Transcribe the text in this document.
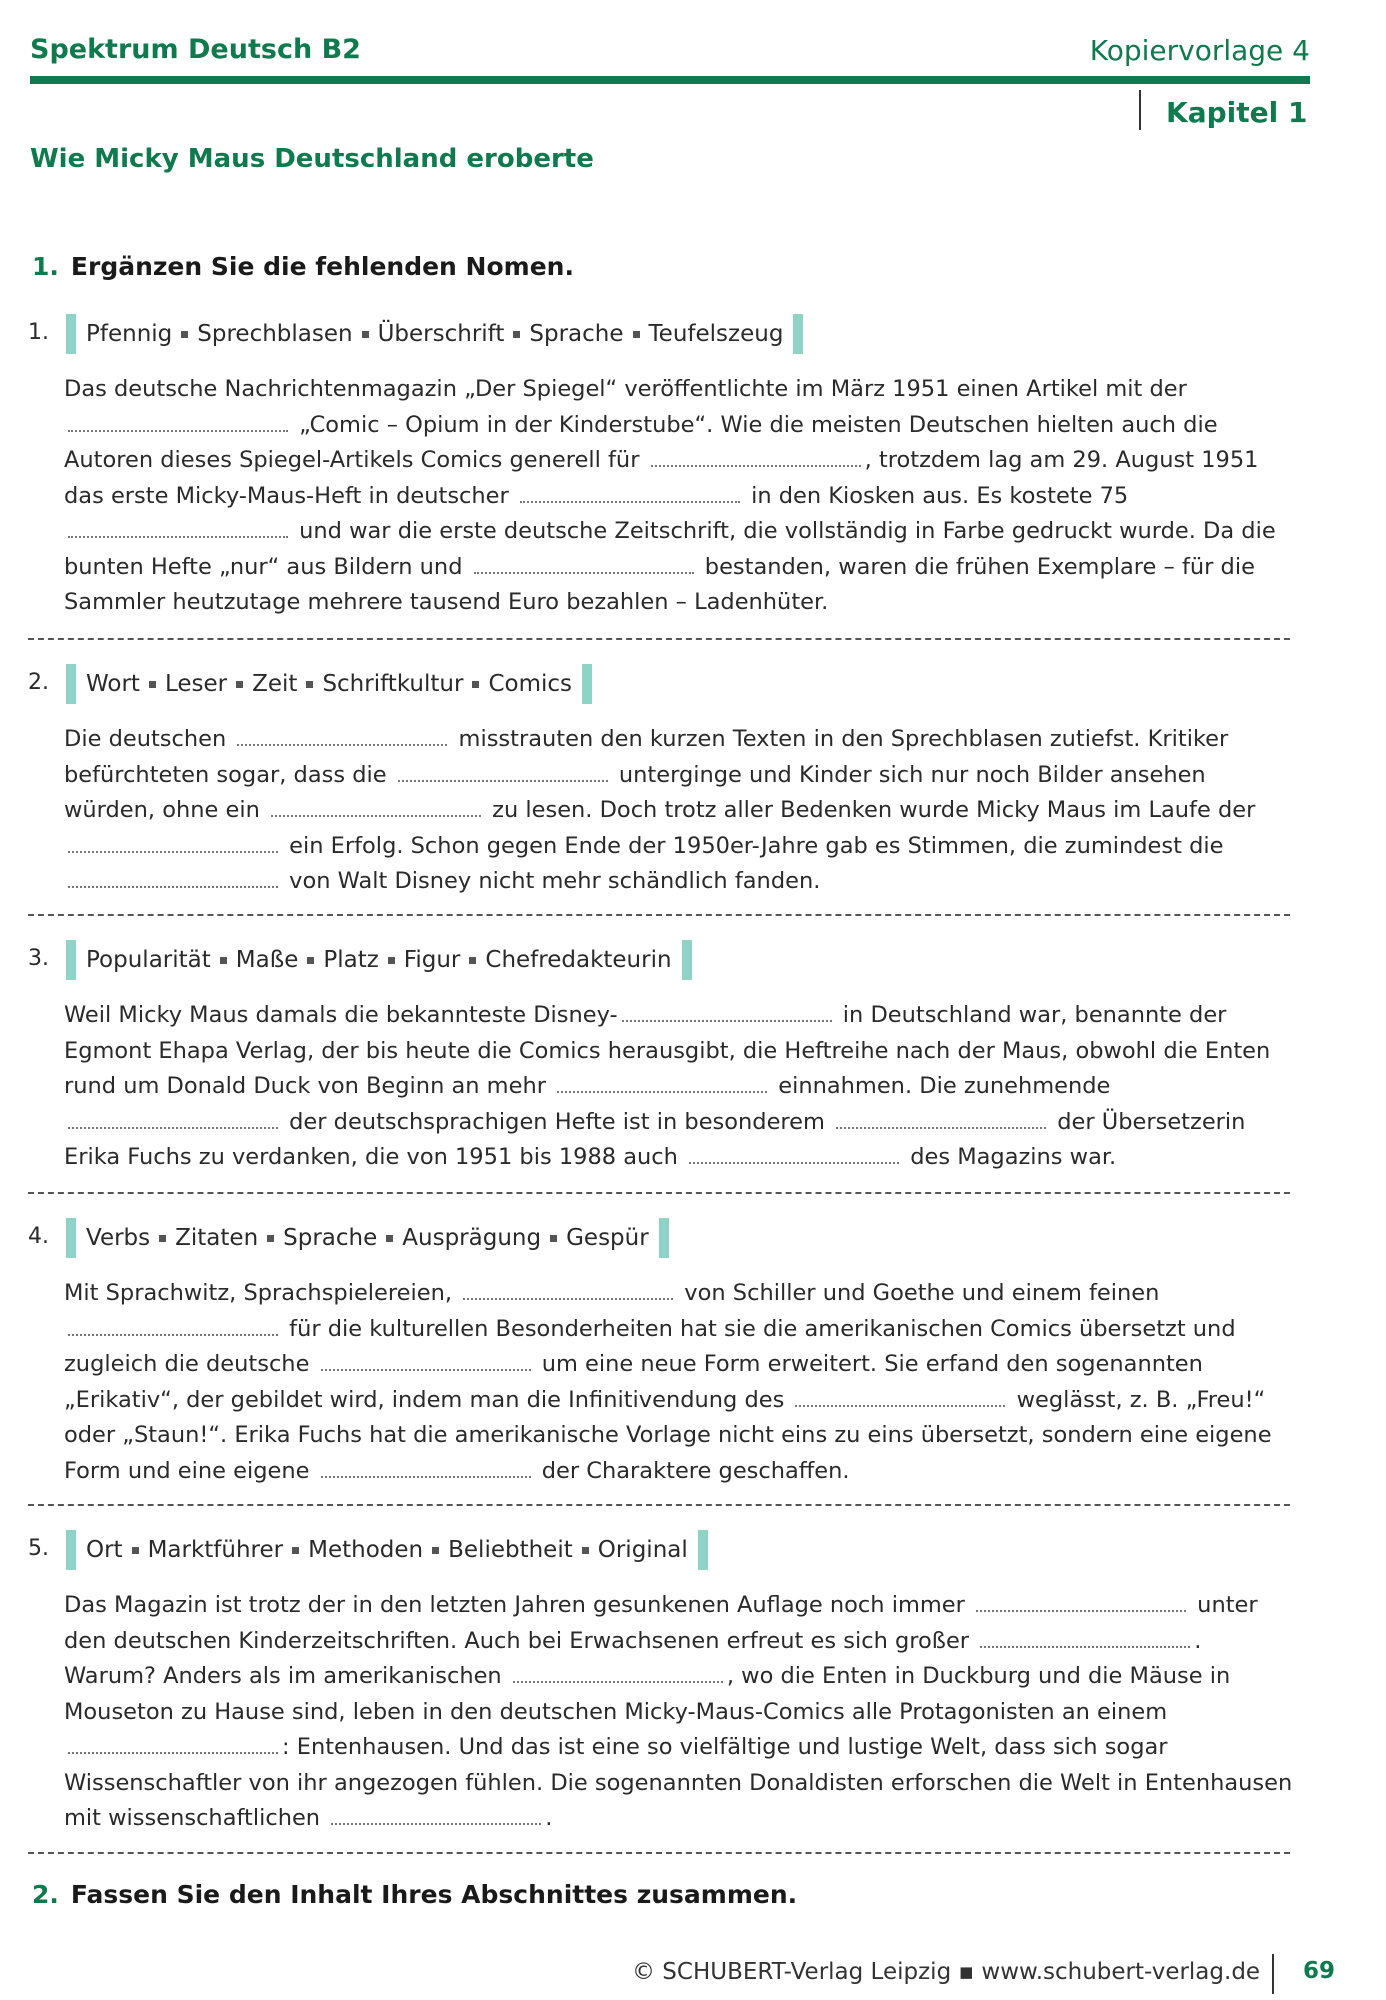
Spektrum Deutsch B2	Kopiervorlage 4
Kapitel 1
Wie Micky Maus Deutschland eroberte
1. Ergänzen Sie die fehlenden Nomen.
1. Pfennig	Sprechblasen	Überschrift	Sprache	Teufelszeug
Das deutsche Nachrichtenmagazin „Der Spiegel“ veröffentlichte im März 1951 einen Artikel mit der  „Comic – Opium in der Kinderstube“. Wie die meisten Deutschen hielten auch die Autoren dieses Spiegel-Artikels Comics generell für	, trotzdem lag am 29. August 1951 das erste Micky-Maus-Heft in deutscher	in den Kiosken aus. Es kostete 75  und war die erste deutsche Zeitschrift, die vollständig in Farbe gedruckt wurde. Da die bunten Hefte „nur“ aus Bildern und	bestanden, waren die frühen Exemplare – für die Sammler heutzutage mehrere tausend Euro bezahlen – Ladenhüter.
2. Wort	Leser	Zeit	Schriftkultur	Comics
Die deutschen	misstrauten den kurzen Texten in den Sprechblasen zutiefst. Kritiker befürchteten sogar, dass die	unterginge und Kinder sich nur noch Bilder ansehen würden, ohne ein	zu lesen. Doch trotz aller Bedenken wurde Micky Maus im Laufe der  ein Erfolg. Schon gegen Ende der 1950er-Jahre gab es Stimmen, die zumindest die  von Walt Disney nicht mehr schändlich fanden.
3. Popularität	Maße	Platz	Figur	Chefredakteurin
Weil Micky Maus damals die bekannteste Disney-	in Deutschland war, benannte der Egmont Ehapa Verlag, der bis heute die Comics herausgibt, die Heftreihe nach der Maus, obwohl die Enten rund um Donald Duck von Beginn an mehr	einnahmen. Die zunehmende  der deutschsprachigen Hefte ist in besonderem	der Übersetzerin Erika Fuchs zu verdanken, die von 1951 bis 1988 auch	des Magazins war.
4. Verbs	Zitaten	Sprache	Ausprägung	Gespür
Mit Sprachwitz, Sprachspielereien,	von Schiller und Goethe und einem feinen  für die kulturellen Besonderheiten hat sie die amerikanischen Comics übersetzt und zugleich die deutsche	um eine neue Form erweitert. Sie erfand den sogenannten „Erikativ“, der gebildet wird, indem man die Infinitivendung des	weglässt, z. B. „Freu!“ oder „Staun!“. Erika Fuchs hat die amerikanische Vorlage nicht eins zu eins übersetzt, sondern eine eigene Form und eine eigene	der Charaktere geschaffen.
5. Ort	Marktführer	Methoden	Beliebtheit	Original
Das Magazin ist trotz der in den letzten Jahren gesunkenen Auflage noch immer	unter den deutschen Kinderzeitschriften. Auch bei Erwachsenen erfreut es sich großer	. Warum? Anders als im amerikanischen	, wo die Enten in Duckburg und die Mäuse in Mouseton zu Hause sind, leben in den deutschen Micky-Maus-Comics alle Protagonisten an einem : Entenhausen. Und das ist eine so vielfältige und lustige Welt, dass sich sogar Wissenschaftler von ihr angezogen fühlen. Die sogenannten Donaldisten erforschen die Welt in Entenhausen mit wissenschaftlichen	.
2. Fassen Sie den Inhalt Ihres Abschnittes zusammen.
© SCHUBERT-Verlag Leipzig ▪ www.schubert-verlag.de 69
